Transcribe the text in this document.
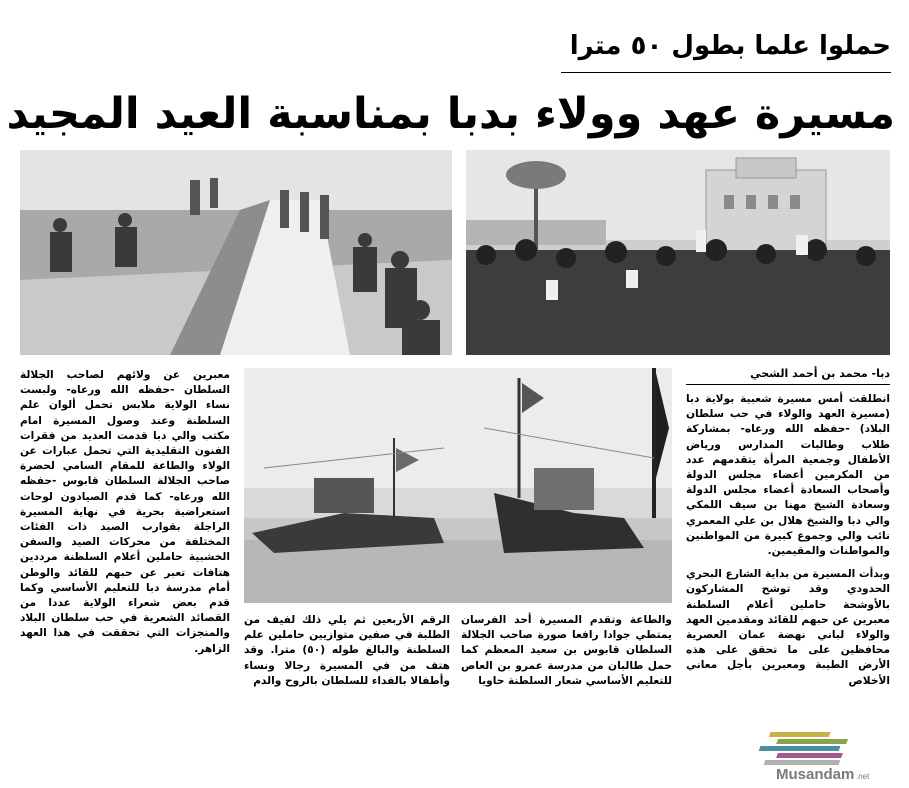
حملوا علما بطول ٥٠ مترا
مسيرة عهد وولاء بدبا بمناسبة العيد المجيد
دبا- محمد بن أحمد الشحي

انطلقت أمس مسيرة شعبية بولاية دبا (مسيرة العهد والولاء في حب سلطان البلاد) -حفظه الله ورعاه- بمشاركة طلاب وطالبات المدارس ورياض الأطفال وجمعية المرأة يتقدمهم عدد من المكرمين أعضاء مجلس الدولة وأصحاب السعادة أعضاء مجلس الدولة وسعادة الشيخ مهنا بن سيف اللمكي والي دبا والشيخ هلال بن علي المعمري نائب والي وجموع كبيرة من المواطنين والمواطنات والمقيمين.

وبدأت المسيرة من بداية الشارع البحري الحدودي وقد توشح المشاركون بالأوشحة حاملين أعلام السلطنة معبرين عن حبهم للقائد ومقدمين العهد والولاء لباني نهضة عمان العصرية محافظين على ما تحقق على هذه الأرض الطيبة ومعبرين بأجل معاني الأخلاص

والطاعة وتقدم المسيرة أحد الفرسان يمتطي جوادا رافعا صورة صاحب الجلالة السلطان قابوس بن سعيد المعظم كما حمل طالبان من مدرسة عمرو بن العاص للتعليم الأساسي شعار السلطنة حاويا

الرقم الأربعين ثم يلي ذلك لفيف من الطلبة في صفين متوازيين حاملين علم السلطنة والبالغ طوله (٥٠) مترا. وقد هتف من في المسيرة رجالا ونساء وأطفالا بالفداء للسلطان بالروح والدم

معبرين عن ولائهم لصاحب الجلالة السلطان -حفظه الله ورعاه- ولبست نساء الولاية ملابس تحمل ألوان علم السلطنة وعند وصول المسيرة امام مكتب والي دبا قدمت العديد من فقرات الفنون التقليدية التي تحمل عبارات عن الولاء والطاعة للمقام السامي لحضرة صاحب الجلالة السلطان قابوس -حفظه الله ورعاه- كما قدم الصيادون لوحات استعراضية بحرية في نهاية المسيرة الراجلة بقوارب الصيد ذات الفئات المختلفة من محركات الصيد والسفن الخشبية حاملين أعلام السلطنة مرددين هتافات تعبر عن حبهم للقائد والوطن أمام مدرسة دبا للتعليم الأساسي وكما قدم بعض شعراء الولاية عددا من القصائد الشعرية في حب سلطان البلاد والمنجزات التي تحققت في هذا العهد الزاهر.

Musandam .net
